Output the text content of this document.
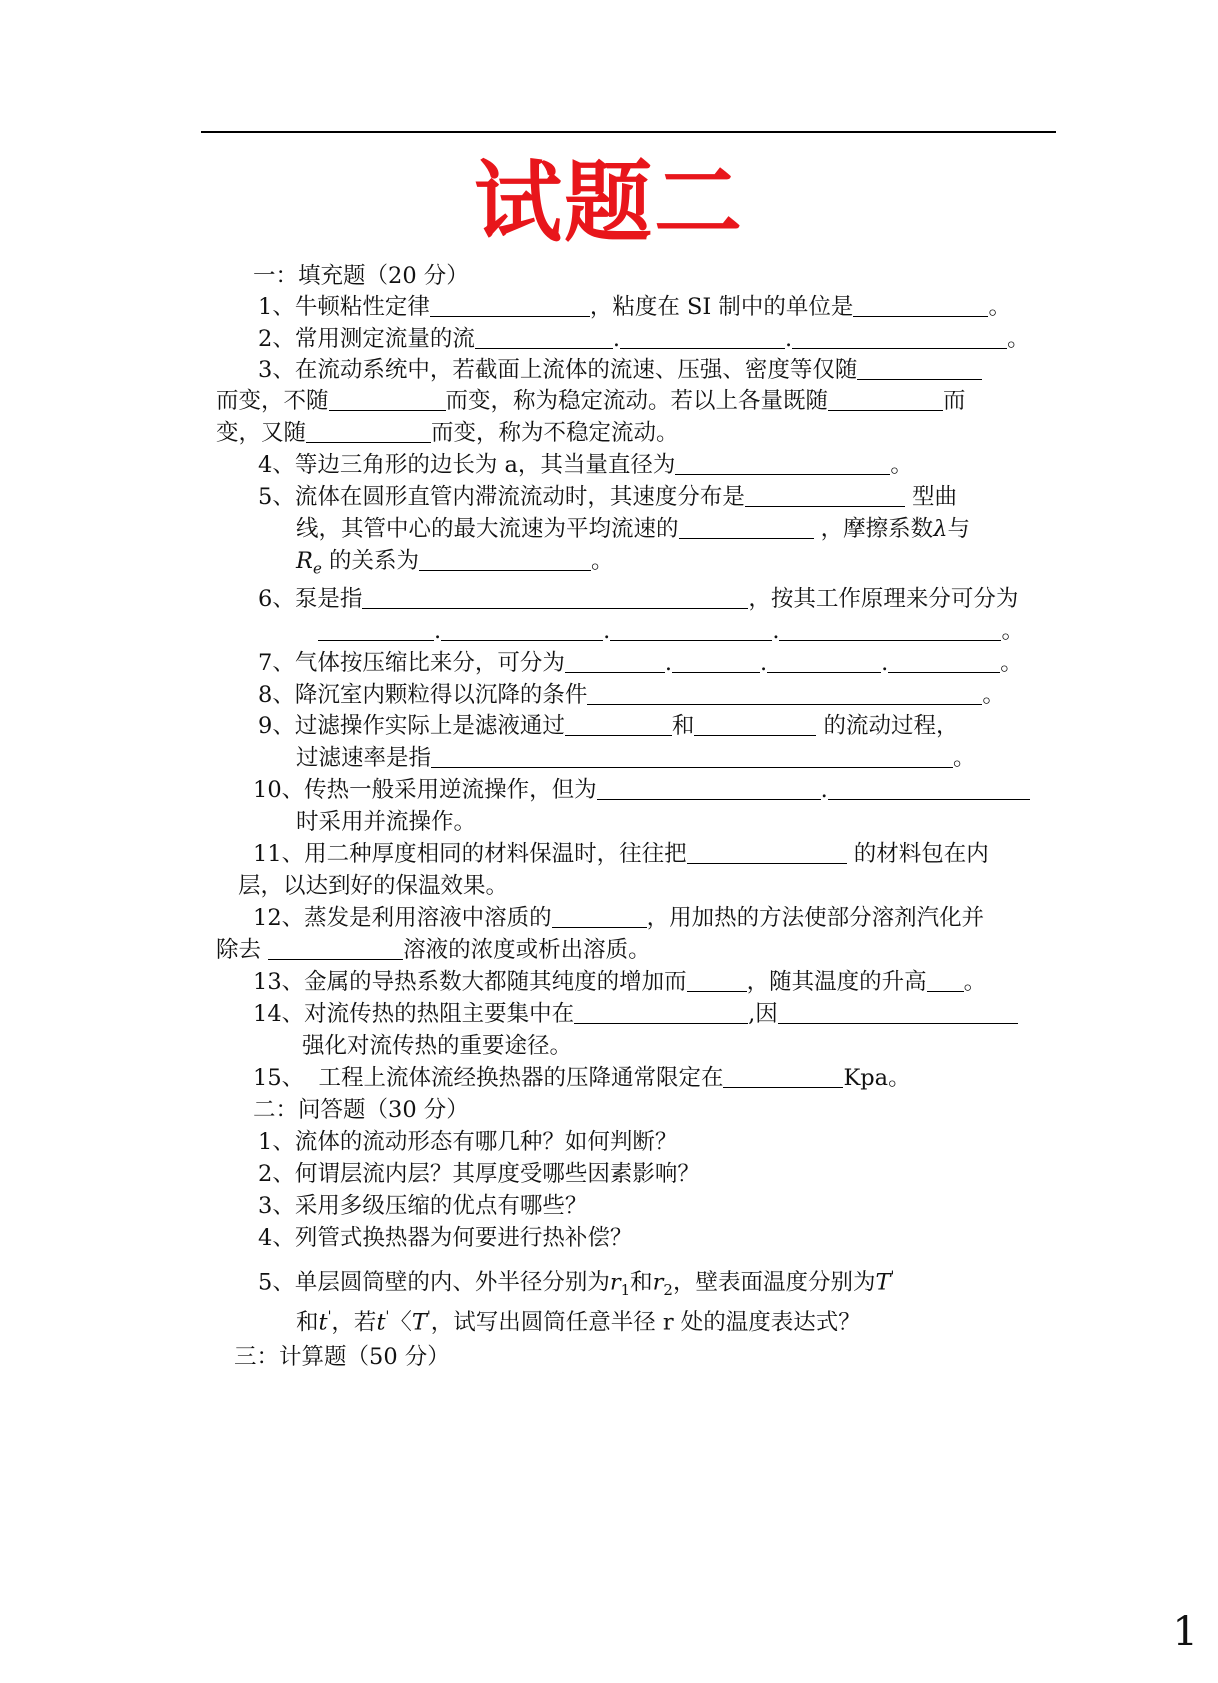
试题二
一：填充题（20 分）
1、牛顿粘性定律	，粘度在 SI 制中的单位是	。
2、常用测定流量的流	.	.	。
3、在流动系统中，若截面上流体的流速、压强、密度等仅随
而变，不随	而变，称为稳定流动。若以上各量既随	而
变，又随	而变，称为不稳定流动。
4、等边三角形的边长为 a，其当量直径为	。
5、流体在圆形直管内滞流流动时，其速度分布是	型曲
线，其管中心的最大流速为平均流速的	，摩擦系数λ与
$R_e$ 的关系为	。
6、泵是指	，按其工作原理来分可分为
.	.	.	。
7、气体按压缩比来分，可分为	.	.	.	。
8、降沉室内颗粒得以沉降的条件	。
9、过滤操作实际上是滤液通过	和	的流动过程，
过滤速率是指	。
10、传热一般采用逆流操作，但为	.
时采用并流操作。
11、用二种厚度相同的材料保温时，往往把	的材料包在内
层，以达到好的保温效果。
12、蒸发是利用溶液中溶质的	，用加热的方法使部分溶剂汽化并
除去	溶液的浓度或析出溶质。
13、金属的导热系数大都随其纯度的增加而	，随其温度的升高 。
14、对流传热的热阻主要集中在	,因
强化对流传热的重要途径。
15、 工程上流体流经换热器的压降通常限定在	Kpa。
二：问答题（30 分）
1、流体的流动形态有哪几种？如何判断？
2、何谓层流内层？其厚度受哪些因素影响？
3、采用多级压缩的优点有哪些？
4、列管式换热器为何要进行热补偿？
5、单层圆筒壁的内、外半径分别为$r_1$和$r_2$，壁表面温度分别为T'
和t'，若t'〈T'，试写出圆筒任意半径 r 处的温度表达式？
三：计算题（50 分）
1
